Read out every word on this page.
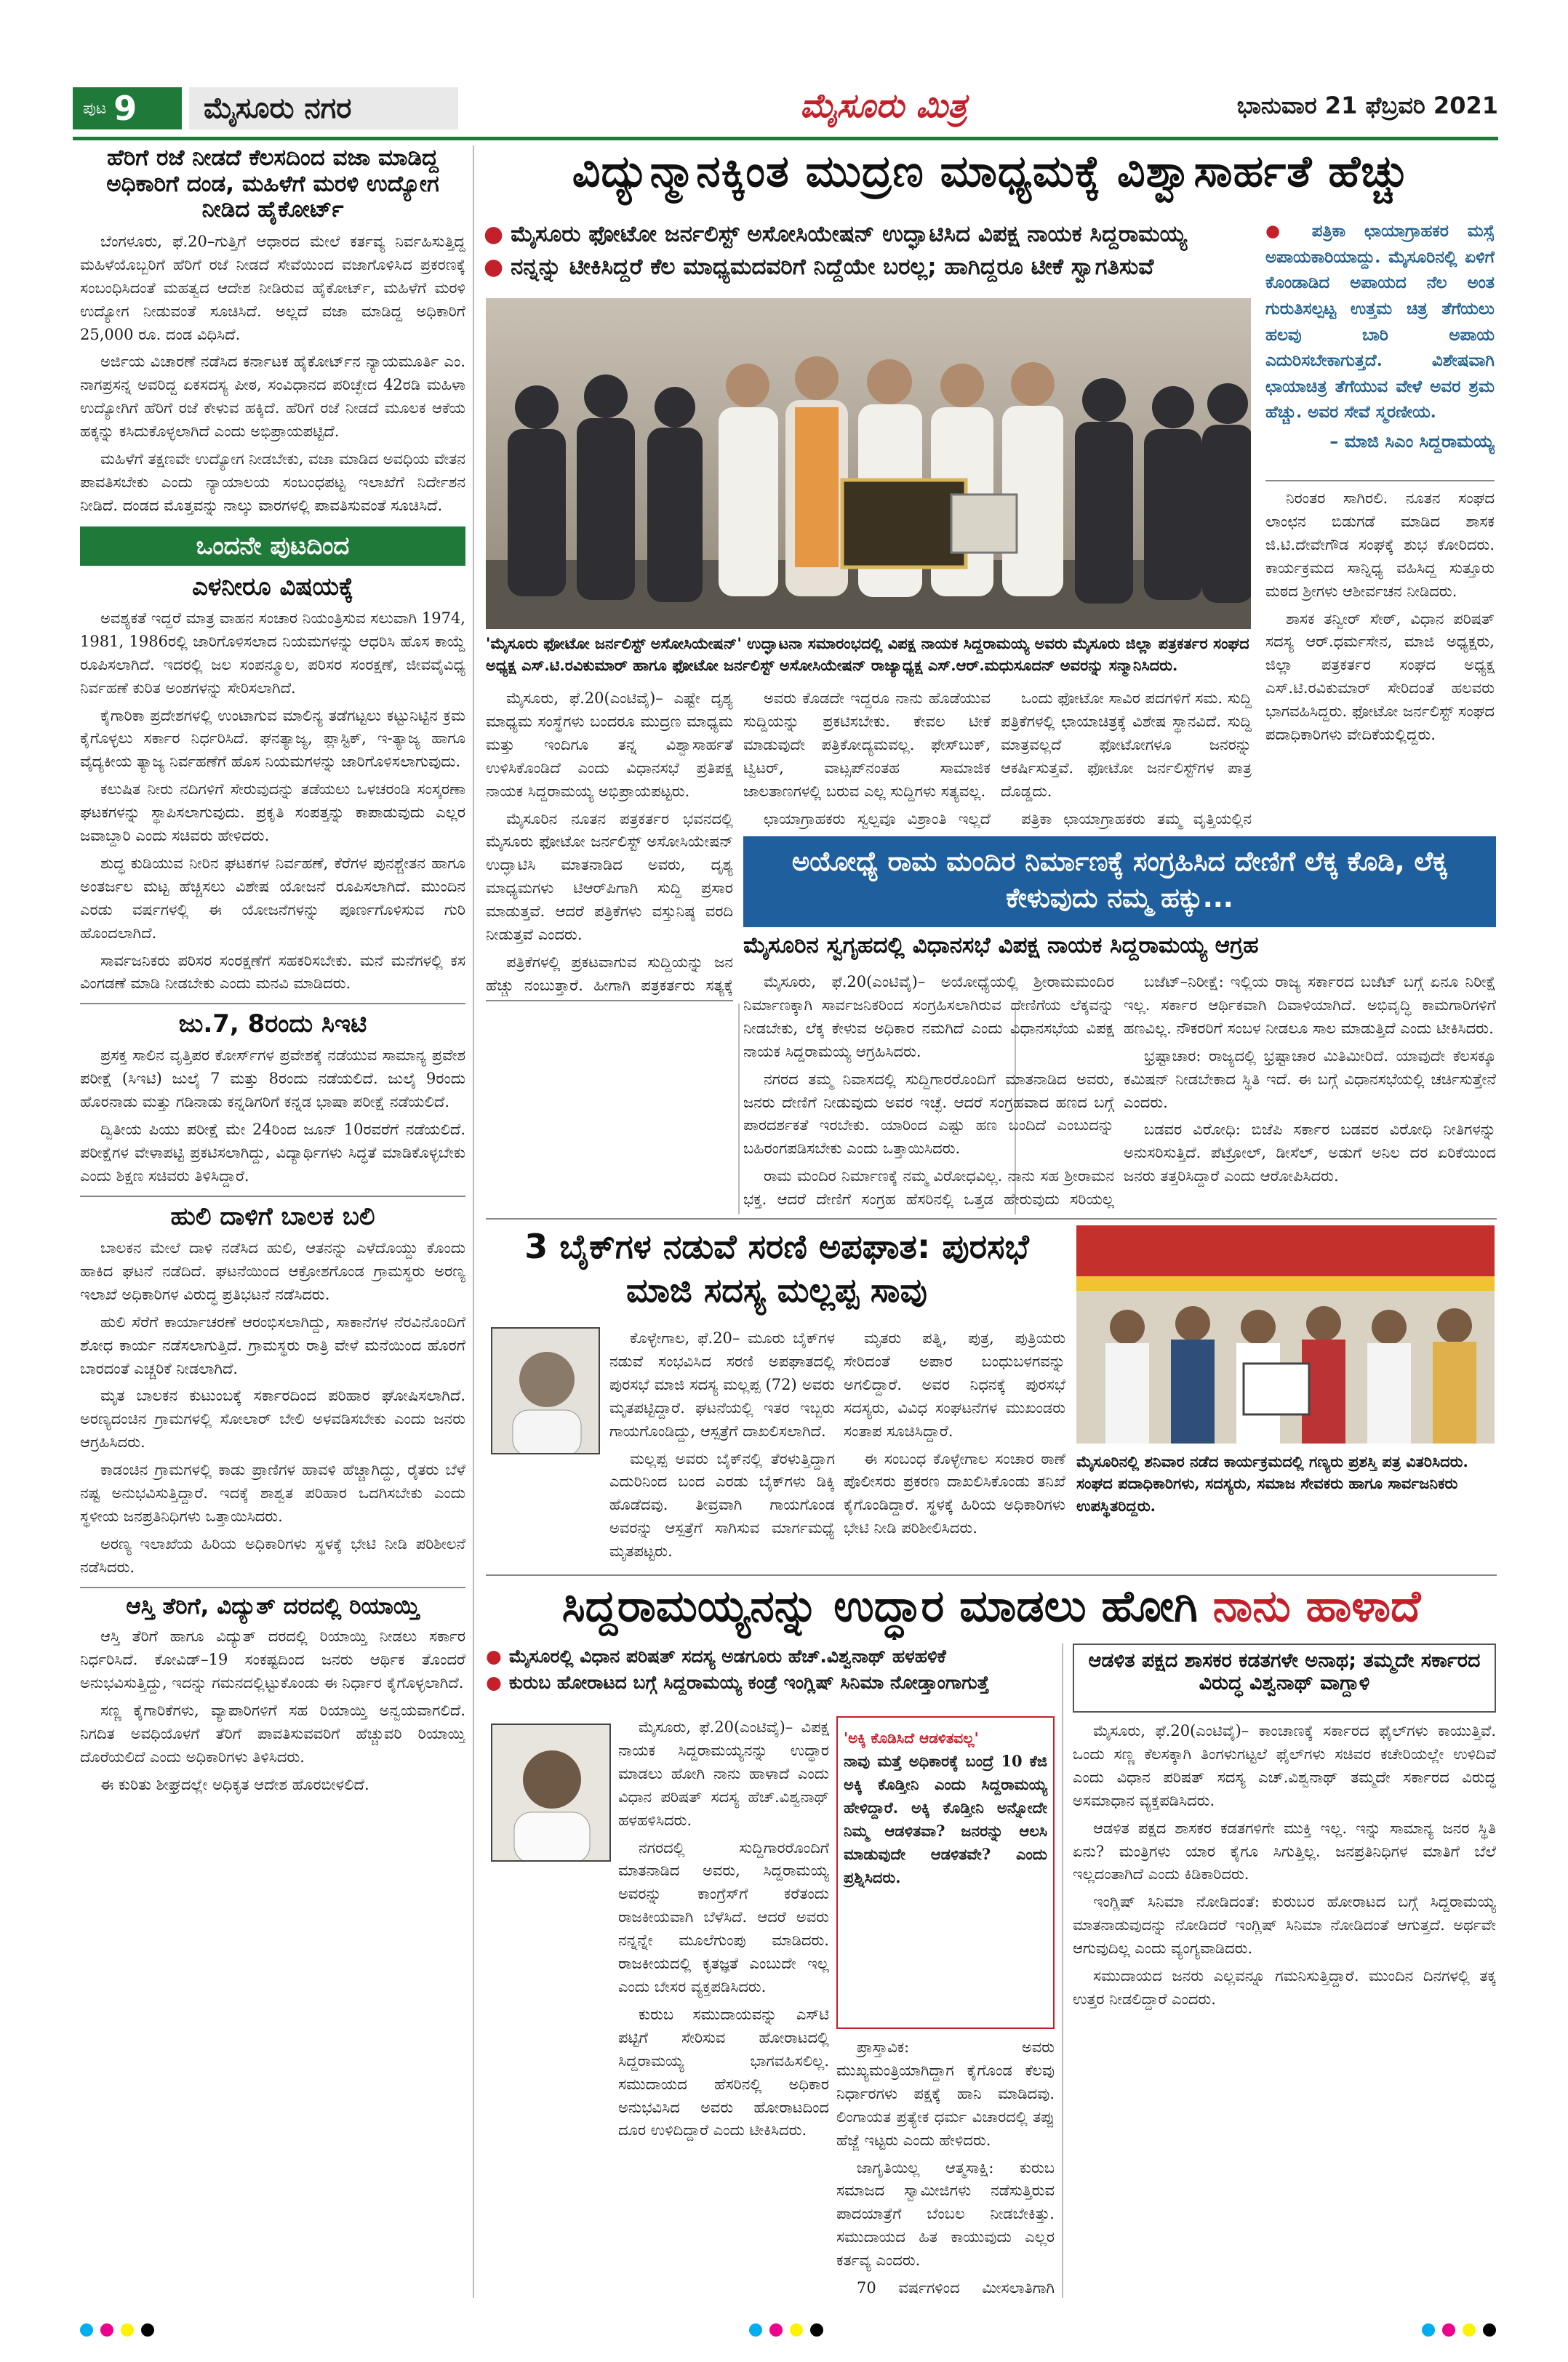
ಪುಟ 9	ಮೈಸೂರು ನಗರ	ಮೈಸೂರು ಮಿತ್ರ	ಭಾನುವಾರ 21 ಫೆಬ್ರವರಿ 2021
ಹೆರಿಗೆ ರಜೆ ನೀಡದೆ ಕೆಲಸದಿಂದ ವಜಾ ಮಾಡಿದ್ದ ಅಧಿಕಾರಿಗೆ ದಂಡ, ಮಹಿಳೆಗೆ ಮರಳಿ ಉದ್ಯೋಗ ನೀಡಿದ ಹೈಕೋರ್ಟ್

ಬೆಂಗಳೂರು, ಫೆ.20–ಗುತ್ತಿಗೆ ಆಧಾರದ ಮೇಲೆ ಕರ್ತವ್ಯ ನಿರ್ವಹಿಸುತ್ತಿದ್ದ ಮಹಿಳೆಯೊಬ್ಬರಿಗೆ ಹೆರಿಗೆ ರಜೆ ನೀಡದೆ ಸೇವೆಯಿಂದ ವಜಾಗೊಳಿಸಿದ ಪ್ರಕರಣಕ್ಕೆ ಸಂಬಂಧಿಸಿದಂತೆ ಮಹತ್ವದ ಆದೇಶ ನೀಡಿರುವ ಹೈಕೋರ್ಟ್, ಮಹಿಳೆಗೆ ಮರಳಿ ಉದ್ಯೋಗ ನೀಡುವಂತೆ ಸೂಚಿಸಿದೆ. ಅಲ್ಲದೆ ವಜಾ ಮಾಡಿದ್ದ ಅಧಿಕಾರಿಗೆ 25,000 ರೂ. ದಂಡ ವಿಧಿಸಿದೆ.

ಅರ್ಜಿಯ ವಿಚಾರಣೆ ನಡೆಸಿದ ಕರ್ನಾಟಕ ಹೈಕೋರ್ಟ್‌ನ ನ್ಯಾಯಮೂರ್ತಿ ಎಂ. ನಾಗಪ್ರಸನ್ನ ಅವರಿದ್ದ ಏಕಸದಸ್ಯ ಪೀಠ, ಸಂವಿಧಾನದ ಪರಿಚ್ಛೇದ 42ರಡಿ ಮಹಿಳಾ ಉದ್ಯೋಗಿಗೆ ಹೆರಿಗೆ ರಜೆ ಕೇಳುವ ಹಕ್ಕಿದೆ. ಹೆರಿಗೆ ರಜೆ ನೀಡದೆ ಮೂಲಕ ಆಕೆಯ ಹಕ್ಕನ್ನು ಕಸಿದುಕೊಳ್ಳಲಾಗಿದೆ ಎಂದು ಅಭಿಪ್ರಾಯಪಟ್ಟಿದೆ.

ಮಹಿಳೆಗೆ ತಕ್ಷಣವೇ ಉದ್ಯೋಗ ನೀಡಬೇಕು, ವಜಾ ಮಾಡಿದ ಅವಧಿಯ ವೇತನ ಪಾವತಿಸಬೇಕು ಎಂದು ನ್ಯಾಯಾಲಯ ಸಂಬಂಧಪಟ್ಟ ಇಲಾಖೆಗೆ ನಿರ್ದೇಶನ ನೀಡಿದೆ. ದಂಡದ ಮೊತ್ತವನ್ನು ನಾಲ್ಕು ವಾರಗಳಲ್ಲಿ ಪಾವತಿಸುವಂತೆ ಸೂಚಿಸಿದೆ.

ಒಂದನೇ ಪುಟದಿಂದ
ಎಳನೀರೂ ವಿಷಯಕ್ಕೆ

ಅವಶ್ಯಕತೆ ಇದ್ದರೆ ಮಾತ್ರ ವಾಹನ ಸಂಚಾರ ನಿಯಂತ್ರಿಸುವ ಸಲುವಾಗಿ 1974, 1981, 1986ರಲ್ಲಿ ಜಾರಿಗೊಳಿಸಲಾದ ನಿಯಮಗಳನ್ನು ಆಧರಿಸಿ ಹೊಸ ಕಾಯ್ದೆ ರೂಪಿಸಲಾಗಿದೆ. ಇದರಲ್ಲಿ ಜಲ ಸಂಪನ್ಮೂಲ, ಪರಿಸರ ಸಂರಕ್ಷಣೆ, ಜೀವವೈವಿಧ್ಯ ನಿರ್ವಹಣೆ ಕುರಿತ ಅಂಶಗಳನ್ನು ಸೇರಿಸಲಾಗಿದೆ.

ಕೈಗಾರಿಕಾ ಪ್ರದೇಶಗಳಲ್ಲಿ ಉಂಟಾಗುವ ಮಾಲಿನ್ಯ ತಡೆಗಟ್ಟಲು ಕಟ್ಟುನಿಟ್ಟಿನ ಕ್ರಮ ಕೈಗೊಳ್ಳಲು ಸರ್ಕಾರ ನಿರ್ಧರಿಸಿದೆ. ಘನತ್ಯಾಜ್ಯ, ಪ್ಲಾಸ್ಟಿಕ್, ಇ-ತ್ಯಾಜ್ಯ ಹಾಗೂ ವೈದ್ಯಕೀಯ ತ್ಯಾಜ್ಯ ನಿರ್ವಹಣೆಗೆ ಹೊಸ ನಿಯಮಗಳನ್ನು ಜಾರಿಗೊಳಿಸಲಾಗುವುದು.

ಕಲುಷಿತ ನೀರು ನದಿಗಳಿಗೆ ಸೇರುವುದನ್ನು ತಡೆಯಲು ಒಳಚರಂಡಿ ಸಂಸ್ಕರಣಾ ಘಟಕಗಳನ್ನು ಸ್ಥಾಪಿಸಲಾಗುವುದು. ಪ್ರಕೃತಿ ಸಂಪತ್ತನ್ನು ಕಾಪಾಡುವುದು ಎಲ್ಲರ ಜವಾಬ್ದಾರಿ ಎಂದು ಸಚಿವರು ಹೇಳಿದರು.

ಶುದ್ಧ ಕುಡಿಯುವ ನೀರಿನ ಘಟಕಗಳ ನಿರ್ವಹಣೆ, ಕೆರೆಗಳ ಪುನಶ್ಚೇತನ ಹಾಗೂ ಅಂತರ್ಜಲ ಮಟ್ಟ ಹೆಚ್ಚಿಸಲು ವಿಶೇಷ ಯೋಜನೆ ರೂಪಿಸಲಾಗಿದೆ. ಮುಂದಿನ ಎರಡು ವರ್ಷಗಳಲ್ಲಿ ಈ ಯೋಜನೆಗಳನ್ನು ಪೂರ್ಣಗೊಳಿಸುವ ಗುರಿ ಹೊಂದಲಾಗಿದೆ.

ಸಾರ್ವಜನಿಕರು ಪರಿಸರ ಸಂರಕ್ಷಣೆಗೆ ಸಹಕರಿಸಬೇಕು. ಮನೆ ಮನೆಗಳಲ್ಲಿ ಕಸ ವಿಂಗಡಣೆ ಮಾಡಿ ನೀಡಬೇಕು ಎಂದು ಮನವಿ ಮಾಡಿದರು.

ಜು.7, 8ರಂದು ಸಿಇಟಿ

ಪ್ರಸಕ್ತ ಸಾಲಿನ ವೃತ್ತಿಪರ ಕೋರ್ಸ್‌ಗಳ ಪ್ರವೇಶಕ್ಕೆ ನಡೆಯುವ ಸಾಮಾನ್ಯ ಪ್ರವೇಶ ಪರೀಕ್ಷೆ (ಸಿಇಟಿ) ಜುಲೈ 7 ಮತ್ತು 8ರಂದು ನಡೆಯಲಿದೆ. ಜುಲೈ 9ರಂದು ಹೊರನಾಡು ಮತ್ತು ಗಡಿನಾಡು ಕನ್ನಡಿಗರಿಗೆ ಕನ್ನಡ ಭಾಷಾ ಪರೀಕ್ಷೆ ನಡೆಯಲಿದೆ.

ದ್ವಿತೀಯ ಪಿಯು ಪರೀಕ್ಷೆ ಮೇ 24ರಿಂದ ಜೂನ್ 10ರವರೆಗೆ ನಡೆಯಲಿದೆ. ಪರೀಕ್ಷೆಗಳ ವೇಳಾಪಟ್ಟಿ ಪ್ರಕಟಿಸಲಾಗಿದ್ದು, ವಿದ್ಯಾರ್ಥಿಗಳು ಸಿದ್ಧತೆ ಮಾಡಿಕೊಳ್ಳಬೇಕು ಎಂದು ಶಿಕ್ಷಣ ಸಚಿವರು ತಿಳಿಸಿದ್ದಾರೆ.

ಹುಲಿ ದಾಳಿಗೆ ಬಾಲಕ ಬಲಿ

ಬಾಲಕನ ಮೇಲೆ ದಾಳಿ ನಡೆಸಿದ ಹುಲಿ, ಆತನನ್ನು ಎಳೆದೊಯ್ದು ಕೊಂದು ಹಾಕಿದ ಘಟನೆ ನಡೆದಿದೆ. ಘಟನೆಯಿಂದ ಆಕ್ರೋಶಗೊಂಡ ಗ್ರಾಮಸ್ಥರು ಅರಣ್ಯ ಇಲಾಖೆ ಅಧಿಕಾರಿಗಳ ವಿರುದ್ಧ ಪ್ರತಿಭಟನೆ ನಡೆಸಿದರು.

ಹುಲಿ ಸೆರೆಗೆ ಕಾರ್ಯಾಚರಣೆ ಆರಂಭಿಸಲಾಗಿದ್ದು, ಸಾಕಾನೆಗಳ ನೆರವಿನೊಂದಿಗೆ ಶೋಧ ಕಾರ್ಯ ನಡೆಸಲಾಗುತ್ತಿದೆ. ಗ್ರಾಮಸ್ಥರು ರಾತ್ರಿ ವೇಳೆ ಮನೆಯಿಂದ ಹೊರಗೆ ಬಾರದಂತೆ ಎಚ್ಚರಿಕೆ ನೀಡಲಾಗಿದೆ.

ಮೃತ ಬಾಲಕನ ಕುಟುಂಬಕ್ಕೆ ಸರ್ಕಾರದಿಂದ ಪರಿಹಾರ ಘೋಷಿಸಲಾಗಿದೆ. ಅರಣ್ಯದಂಚಿನ ಗ್ರಾಮಗಳಲ್ಲಿ ಸೋಲಾರ್ ಬೇಲಿ ಅಳವಡಿಸಬೇಕು ಎಂದು ಜನರು ಆಗ್ರಹಿಸಿದರು.

ಕಾಡಂಚಿನ ಗ್ರಾಮಗಳಲ್ಲಿ ಕಾಡು ಪ್ರಾಣಿಗಳ ಹಾವಳಿ ಹೆಚ್ಚಾಗಿದ್ದು, ರೈತರು ಬೆಳೆ ನಷ್ಟ ಅನುಭವಿಸುತ್ತಿದ್ದಾರೆ. ಇದಕ್ಕೆ ಶಾಶ್ವತ ಪರಿಹಾರ ಒದಗಿಸಬೇಕು ಎಂದು ಸ್ಥಳೀಯ ಜನಪ್ರತಿನಿಧಿಗಳು ಒತ್ತಾಯಿಸಿದರು.

ಅರಣ್ಯ ಇಲಾಖೆಯ ಹಿರಿಯ ಅಧಿಕಾರಿಗಳು ಸ್ಥಳಕ್ಕೆ ಭೇಟಿ ನೀಡಿ ಪರಿಶೀಲನೆ ನಡೆಸಿದರು.

ಆಸ್ತಿ ತೆರಿಗೆ, ವಿದ್ಯುತ್ ದರದಲ್ಲಿ ರಿಯಾಯ್ತಿ

ಆಸ್ತಿ ತೆರಿಗೆ ಹಾಗೂ ವಿದ್ಯುತ್ ದರದಲ್ಲಿ ರಿಯಾಯ್ತಿ ನೀಡಲು ಸರ್ಕಾರ ನಿರ್ಧರಿಸಿದೆ. ಕೋವಿಡ್–19 ಸಂಕಷ್ಟದಿಂದ ಜನರು ಆರ್ಥಿಕ ತೊಂದರೆ ಅನುಭವಿಸುತ್ತಿದ್ದು, ಇದನ್ನು ಗಮನದಲ್ಲಿಟ್ಟುಕೊಂಡು ಈ ನಿರ್ಧಾರ ಕೈಗೊಳ್ಳಲಾಗಿದೆ.

ಸಣ್ಣ ಕೈಗಾರಿಕೆಗಳು, ವ್ಯಾಪಾರಿಗಳಿಗೆ ಸಹ ರಿಯಾಯ್ತಿ ಅನ್ವಯವಾಗಲಿದೆ. ನಿಗದಿತ ಅವಧಿಯೊಳಗೆ ತೆರಿಗೆ ಪಾವತಿಸುವವರಿಗೆ ಹೆಚ್ಚುವರಿ ರಿಯಾಯ್ತಿ ದೊರೆಯಲಿದೆ ಎಂದು ಅಧಿಕಾರಿಗಳು ತಿಳಿಸಿದರು.

ಈ ಕುರಿತು ಶೀಘ್ರದಲ್ಲೇ ಅಧಿಕೃತ ಆದೇಶ ಹೊರಬೀಳಲಿದೆ.

ವಿದ್ಯುನ್ಮಾನಕ್ಕಿಂತ ಮುದ್ರಣ ಮಾಧ್ಯಮಕ್ಕೆ ವಿಶ್ವಾಸಾರ್ಹತೆ ಹೆಚ್ಚು
● ಮೈಸೂರು ಫೋಟೋ ಜರ್ನಲಿಸ್ಟ್ ಅಸೋಸಿಯೇಷನ್ ಉದ್ಘಾಟಿಸಿದ ವಿಪಕ್ಷ ನಾಯಕ ಸಿದ್ದರಾಮಯ್ಯ
● ನನ್ನನ್ನು ಟೀಕಿಸಿದ್ದರೆ ಕೆಲ ಮಾಧ್ಯಮದವರಿಗೆ ನಿದ್ದೆಯೇ ಬರಲ್ಲ; ಹಾಗಿದ್ದರೂ ಟೀಕೆ ಸ್ವಾಗತಿಸುವೆ
'ಮೈಸೂರು ಫೋಟೋ ಜರ್ನಲಿಸ್ಟ್ ಅಸೋಸಿಯೇಷನ್' ಉದ್ಘಾಟನಾ ಸಮಾರಂಭದಲ್ಲಿ ವಿಪಕ್ಷ ನಾಯಕ ಸಿದ್ದರಾಮಯ್ಯ ಅವರು ಮೈಸೂರು ಜಿಲ್ಲಾ ಪತ್ರಕರ್ತರ ಸಂಘದ ಅಧ್ಯಕ್ಷ ಎಸ್.ಟಿ.ರವಿಕುಮಾರ್ ಹಾಗೂ ಫೋಟೋ ಜರ್ನಲಿಸ್ಟ್ ಅಸೋಸಿಯೇಷನ್ ರಾಜ್ಯಾಧ್ಯಕ್ಷ ಎಸ್.ಆರ್.ಮಧುಸೂದನ್ ಅವರನ್ನು ಸನ್ಮಾನಿಸಿದರು.
● ಪತ್ರಿಕಾ ಛಾಯಾಗ್ರಾಹಕರ ಮಸ್ಸೆ ಅಪಾಯಕಾರಿಯಾದ್ದು. ಮೈಸೂರಿನಲ್ಲಿ ಏಳಿಗೆ ಕೊಂಡಾಡಿದ ಅಪಾಯದ ನೆಲ ಅಂತ ಗುರುತಿಸಲ್ಪಟ್ಟ ಉತ್ತಮ ಚಿತ್ರ ತೆಗೆಯಲು ಹಲವು ಬಾರಿ ಅಪಾಯ ಎದುರಿಸಬೇಕಾಗುತ್ತದೆ. ವಿಶೇಷವಾಗಿ ಛಾಯಾಚಿತ್ರ ತೆಗೆಯುವ ವೇಳೆ ಅವರ ಶ್ರಮ ಹೆಚ್ಚು. ಅವರ ಸೇವೆ ಸ್ಮರಣೀಯ.
– ಮಾಜಿ ಸಿಎಂ ಸಿದ್ದರಾಮಯ್ಯ

ನಿರಂತರ ಸಾಗಿರಲಿ. ನೂತನ ಸಂಘದ ಲಾಂಛನ ಬಿಡುಗಡೆ ಮಾಡಿದ ಶಾಸಕ ಜಿ.ಟಿ.ದೇವೇಗೌಡ ಸಂಘಕ್ಕೆ ಶುಭ ಕೋರಿದರು. ಕಾರ್ಯಕ್ರಮದ ಸಾನ್ನಿಧ್ಯ ವಹಿಸಿದ್ದ ಸುತ್ತೂರು ಮಠದ ಶ್ರೀಗಳು ಆಶೀರ್ವಚನ ನೀಡಿದರು.

ಶಾಸಕ ತನ್ವೀರ್ ಸೇಠ್, ವಿಧಾನ ಪರಿಷತ್ ಸದಸ್ಯ ಆರ್.ಧರ್ಮಸೇನ, ಮಾಜಿ ಅಧ್ಯಕ್ಷರು, ಜಿಲ್ಲಾ ಪತ್ರಕರ್ತರ ಸಂಘದ ಅಧ್ಯಕ್ಷ ಎಸ್.ಟಿ.ರವಿಕುಮಾರ್ ಸೇರಿದಂತೆ ಹಲವರು ಭಾಗವಹಿಸಿದ್ದರು. ಫೋಟೋ ಜರ್ನಲಿಸ್ಟ್ ಸಂಘದ ಪದಾಧಿಕಾರಿಗಳು ವೇದಿಕೆಯಲ್ಲಿದ್ದರು.

ಮೈಸೂರು, ಫೆ.20(ಎಂಟಿವೈ)– ಎಷ್ಟೇ ದೃಶ್ಯ ಮಾಧ್ಯಮ ಸಂಸ್ಥೆಗಳು ಬಂದರೂ ಮುದ್ರಣ ಮಾಧ್ಯಮ ಮತ್ತು ಇಂದಿಗೂ ತನ್ನ ವಿಶ್ವಾಸಾರ್ಹತೆ ಉಳಿಸಿಕೊಂಡಿದೆ ಎಂದು ವಿಧಾನಸಭೆ ಪ್ರತಿಪಕ್ಷ ನಾಯಕ ಸಿದ್ದರಾಮಯ್ಯ ಅಭಿಪ್ರಾಯಪಟ್ಟರು.

ಮೈಸೂರಿನ ನೂತನ ಪತ್ರಕರ್ತರ ಭವನದಲ್ಲಿ ಮೈಸೂರು ಫೋಟೋ ಜರ್ನಲಿಸ್ಟ್ ಅಸೋಸಿಯೇಷನ್ ಉದ್ಘಾಟಿಸಿ ಮಾತನಾಡಿದ ಅವರು, ದೃಶ್ಯ ಮಾಧ್ಯಮಗಳು ಟಿಆರ್‌ಪಿಗಾಗಿ ಸುದ್ದಿ ಪ್ರಸಾರ ಮಾಡುತ್ತವೆ. ಆದರೆ ಪತ್ರಿಕೆಗಳು ವಸ್ತುನಿಷ್ಠ ವರದಿ ನೀಡುತ್ತವೆ ಎಂದರು.

ಪತ್ರಿಕೆಗಳಲ್ಲಿ ಪ್ರಕಟವಾಗುವ ಸುದ್ದಿಯನ್ನು ಜನ ಹೆಚ್ಚು ನಂಬುತ್ತಾರೆ. ಹೀಗಾಗಿ ಪತ್ರಕರ್ತರು ಸತ್ಯಕ್ಕೆ

ಅವರು ಕೊಡದೇ ಇದ್ದರೂ ನಾನು ಹೊಡೆಯುವ ಸುದ್ದಿಯನ್ನು ಪ್ರಕಟಿಸಬೇಕು. ಕೇವಲ ಟೀಕೆ ಮಾಡುವುದೇ ಪತ್ರಿಕೋದ್ಯಮವಲ್ಲ. ಫೇಸ್‌ಬುಕ್, ಟ್ವಿಟರ್, ವಾಟ್ಸಪ್‌ನಂತಹ ಸಾಮಾಜಿಕ ಜಾಲತಾಣಗಳಲ್ಲಿ ಬರುವ ಎಲ್ಲ ಸುದ್ದಿಗಳು ಸತ್ಯವಲ್ಲ.

ಛಾಯಾಗ್ರಾಹಕರು ಸ್ವಲ್ಪವೂ ವಿಶ್ರಾಂತಿ ಇಲ್ಲದೆ

ಒಂದು ಫೋಟೋ ಸಾವಿರ ಪದಗಳಿಗೆ ಸಮ. ಸುದ್ದಿ ಪತ್ರಿಕೆಗಳಲ್ಲಿ ಛಾಯಾಚಿತ್ರಕ್ಕೆ ವಿಶೇಷ ಸ್ಥಾನವಿದೆ. ಸುದ್ದಿ ಮಾತ್ರವಲ್ಲದೆ ಫೋಟೋಗಳೂ ಜನರನ್ನು ಆಕರ್ಷಿಸುತ್ತವೆ. ಫೋಟೋ ಜರ್ನಲಿಸ್ಟ್‌ಗಳ ಪಾತ್ರ ದೊಡ್ಡದು.

ಪತ್ರಿಕಾ ಛಾಯಾಗ್ರಾಹಕರು ತಮ್ಮ ವೃತ್ತಿಯಲ್ಲಿನ

ಅಯೋಧ್ಯೆ ರಾಮ ಮಂದಿರ ನಿರ್ಮಾಣಕ್ಕೆ ಸಂಗ್ರಹಿಸಿದ ದೇಣಿಗೆ ಲೆಕ್ಕ ಕೊಡಿ, ಲೆಕ್ಕ ಕೇಳುವುದು ನಮ್ಮ ಹಕ್ಕು...
ಮೈಸೂರಿನ ಸ್ವಗೃಹದಲ್ಲಿ ವಿಧಾನಸಭೆ ವಿಪಕ್ಷ ನಾಯಕ ಸಿದ್ದರಾಮಯ್ಯ ಆಗ್ರಹ

ಮೈಸೂರು, ಫೆ.20(ಎಂಟಿವೈ)– ಅಯೋಧ್ಯೆಯಲ್ಲಿ ಶ್ರೀರಾಮಮಂದಿರ ನಿರ್ಮಾಣಕ್ಕಾಗಿ ಸಾರ್ವಜನಿಕರಿಂದ ಸಂಗ್ರಹಿಸಲಾಗಿರುವ ದೇಣಿಗೆಯ ಲೆಕ್ಕವನ್ನು ನೀಡಬೇಕು, ಲೆಕ್ಕ ಕೇಳುವ ಅಧಿಕಾರ ನಮಗಿದೆ ಎಂದು ವಿಧಾನಸಭೆಯ ವಿಪಕ್ಷ ನಾಯಕ ಸಿದ್ದರಾಮಯ್ಯ ಆಗ್ರಹಿಸಿದರು.

ನಗರದ ತಮ್ಮ ನಿವಾಸದಲ್ಲಿ ಸುದ್ದಿಗಾರರೊಂದಿಗೆ ಮಾತನಾಡಿದ ಅವರು, ಜನರು ದೇಣಿಗೆ ನೀಡುವುದು ಅವರ ಇಚ್ಛೆ. ಆದರೆ ಸಂಗ್ರಹವಾದ ಹಣದ ಬಗ್ಗೆ ಪಾರದರ್ಶಕತೆ ಇರಬೇಕು. ಯಾರಿಂದ ಎಷ್ಟು ಹಣ ಬಂದಿದೆ ಎಂಬುದನ್ನು ಬಹಿರಂಗಪಡಿಸಬೇಕು ಎಂದು ಒತ್ತಾಯಿಸಿದರು.

ರಾಮ ಮಂದಿರ ನಿರ್ಮಾಣಕ್ಕೆ ನಮ್ಮ ವಿರೋಧವಿಲ್ಲ. ನಾನು ಸಹ ಶ್ರೀರಾಮನ ಭಕ್ತ. ಆದರೆ ದೇಣಿಗೆ ಸಂಗ್ರಹ ಹೆಸರಿನಲ್ಲಿ ಒತ್ತಡ ಹೇರುವುದು ಸರಿಯಲ್ಲ

ಬಜೆಟ್–ನಿರೀಕ್ಷೆ: ಇಲ್ಲಿಯ ರಾಜ್ಯ ಸರ್ಕಾರದ ಬಜೆಟ್ ಬಗ್ಗೆ ಏನೂ ನಿರೀಕ್ಷೆ ಇಲ್ಲ. ಸರ್ಕಾರ ಆರ್ಥಿಕವಾಗಿ ದಿವಾಳಿಯಾಗಿದೆ. ಅಭಿವೃದ್ಧಿ ಕಾಮಗಾರಿಗಳಿಗೆ ಹಣವಿಲ್ಲ. ನೌಕರರಿಗೆ ಸಂಬಳ ನೀಡಲೂ ಸಾಲ ಮಾಡುತ್ತಿದೆ ಎಂದು ಟೀಕಿಸಿದರು.

ಭ್ರಷ್ಟಾಚಾರ: ರಾಜ್ಯದಲ್ಲಿ ಭ್ರಷ್ಟಾಚಾರ ಮಿತಿಮೀರಿದೆ. ಯಾವುದೇ ಕೆಲಸಕ್ಕೂ ಕಮಿಷನ್ ನೀಡಬೇಕಾದ ಸ್ಥಿತಿ ಇದೆ. ಈ ಬಗ್ಗೆ ವಿಧಾನಸಭೆಯಲ್ಲಿ ಚರ್ಚಿಸುತ್ತೇನೆ ಎಂದರು.

ಬಡವರ ವಿರೋಧಿ: ಬಿಜೆಪಿ ಸರ್ಕಾರ ಬಡವರ ವಿರೋಧಿ ನೀತಿಗಳನ್ನು ಅನುಸರಿಸುತ್ತಿದೆ. ಪೆಟ್ರೋಲ್, ಡೀಸೆಲ್, ಅಡುಗೆ ಅನಿಲ ದರ ಏರಿಕೆಯಿಂದ ಜನರು ತತ್ತರಿಸಿದ್ದಾರೆ ಎಂದು ಆರೋಪಿಸಿದರು.

3 ಬೈಕ್‌ಗಳ ನಡುವೆ ಸರಣಿ ಅಪಘಾತ: ಪುರಸಭೆ ಮಾಜಿ ಸದಸ್ಯ ಮಲ್ಲಪ್ಪ ಸಾವು

ಕೊಳ್ಳೇಗಾಲ, ಫೆ.20– ಮೂರು ಬೈಕ್‌ಗಳ ನಡುವೆ ಸಂಭವಿಸಿದ ಸರಣಿ ಅಪಘಾತದಲ್ಲಿ ಪುರಸಭೆ ಮಾಜಿ ಸದಸ್ಯ ಮಲ್ಲಪ್ಪ (72) ಅವರು ಮೃತಪಟ್ಟಿದ್ದಾರೆ. ಘಟನೆಯಲ್ಲಿ ಇತರ ಇಬ್ಬರು ಗಾಯಗೊಂಡಿದ್ದು, ಆಸ್ಪತ್ರೆಗೆ ದಾಖಲಿಸಲಾಗಿದೆ.

ಮಲ್ಲಪ್ಪ ಅವರು ಬೈಕ್‌ನಲ್ಲಿ ತೆರಳುತ್ತಿದ್ದಾಗ ಎದುರಿನಿಂದ ಬಂದ ಎರಡು ಬೈಕ್‌ಗಳು ಡಿಕ್ಕಿ ಹೊಡೆದವು. ತೀವ್ರವಾಗಿ ಗಾಯಗೊಂಡ ಅವರನ್ನು ಆಸ್ಪತ್ರೆಗೆ ಸಾಗಿಸುವ ಮಾರ್ಗಮಧ್ಯೆ ಮೃತಪಟ್ಟರು.

ಮೃತರು ಪತ್ನಿ, ಪುತ್ರ, ಪುತ್ರಿಯರು ಸೇರಿದಂತೆ ಅಪಾರ ಬಂಧುಬಳಗವನ್ನು ಅಗಲಿದ್ದಾರೆ. ಅವರ ನಿಧನಕ್ಕೆ ಪುರಸಭೆ ಸದಸ್ಯರು, ವಿವಿಧ ಸಂಘಟನೆಗಳ ಮುಖಂಡರು ಸಂತಾಪ ಸೂಚಿಸಿದ್ದಾರೆ.

ಈ ಸಂಬಂಧ ಕೊಳ್ಳೇಗಾಲ ಸಂಚಾರ ಠಾಣೆ ಪೊಲೀಸರು ಪ್ರಕರಣ ದಾಖಲಿಸಿಕೊಂಡು ತನಿಖೆ ಕೈಗೊಂಡಿದ್ದಾರೆ. ಸ್ಥಳಕ್ಕೆ ಹಿರಿಯ ಅಧಿಕಾರಿಗಳು ಭೇಟಿ ನೀಡಿ ಪರಿಶೀಲಿಸಿದರು.

ಮೈಸೂರಿನಲ್ಲಿ ಶನಿವಾರ ನಡೆದ ಕಾರ್ಯಕ್ರಮದಲ್ಲಿ ಗಣ್ಯರು ಪ್ರಶಸ್ತಿ ಪತ್ರ ವಿತರಿಸಿದರು. ಸಂಘದ ಪದಾಧಿಕಾರಿಗಳು, ಸದಸ್ಯರು, ಸಮಾಜ ಸೇವಕರು ಹಾಗೂ ಸಾರ್ವಜನಿಕರು ಉಪಸ್ಥಿತರಿದ್ದರು.
ಸಿದ್ದರಾಮಯ್ಯನನ್ನು ಉದ್ಧಾರ ಮಾಡಲು ಹೋಗಿ ನಾನು ಹಾಳಾದೆ
● ಮೈಸೂರಲ್ಲಿ ವಿಧಾನ ಪರಿಷತ್ ಸದಸ್ಯ ಅಡಗೂರು ಹೆಚ್.ವಿಶ್ವನಾಥ್ ಹಳಹಳಿಕೆ
● ಕುರುಬ ಹೋರಾಟದ ಬಗ್ಗೆ ಸಿದ್ದರಾಮಯ್ಯ ಕಂಡ್ರೆ ಇಂಗ್ಲಿಷ್ ಸಿನಿಮಾ ನೋಡ್ತಾಂಗಾಗುತ್ತೆ

ಮೈಸೂರು, ಫೆ.20(ಎಂಟಿವೈ)– ವಿಪಕ್ಷ ನಾಯಕ ಸಿದ್ದರಾಮಯ್ಯನನ್ನು ಉದ್ಧಾರ ಮಾಡಲು ಹೋಗಿ ನಾನು ಹಾಳಾದೆ ಎಂದು ವಿಧಾನ ಪರಿಷತ್ ಸದಸ್ಯ ಹೆಚ್.ವಿಶ್ವನಾಥ್ ಹಳಹಳಿಸಿದರು.

ನಗರದಲ್ಲಿ ಸುದ್ದಿಗಾರರೊಂದಿಗೆ ಮಾತನಾಡಿದ ಅವರು, ಸಿದ್ದರಾಮಯ್ಯ ಅವರನ್ನು ಕಾಂಗ್ರೆಸ್‌ಗೆ ಕರೆತಂದು ರಾಜಕೀಯವಾಗಿ ಬೆಳೆಸಿದೆ. ಆದರೆ ಅವರು ನನ್ನನ್ನೇ ಮೂಲೆಗುಂಪು ಮಾಡಿದರು. ರಾಜಕೀಯದಲ್ಲಿ ಕೃತಜ್ಞತೆ ಎಂಬುದೇ ಇಲ್ಲ ಎಂದು ಬೇಸರ ವ್ಯಕ್ತಪಡಿಸಿದರು.

ಕುರುಬ ಸಮುದಾಯವನ್ನು ಎಸ್‌ಟಿ ಪಟ್ಟಿಗೆ ಸೇರಿಸುವ ಹೋರಾಟದಲ್ಲಿ ಸಿದ್ದರಾಮಯ್ಯ ಭಾಗವಹಿಸಲಿಲ್ಲ. ಸಮುದಾಯದ ಹೆಸರಿನಲ್ಲಿ ಅಧಿಕಾರ ಅನುಭವಿಸಿದ ಅವರು ಹೋರಾಟದಿಂದ ದೂರ ಉಳಿದಿದ್ದಾರೆ ಎಂದು ಟೀಕಿಸಿದರು.

'ಅಕ್ಕಿ ಕೊಡಿಸಿದೆ ಆಡಳಿತವಲ್ಲ'
ನಾವು ಮತ್ತೆ ಅಧಿಕಾರಕ್ಕೆ ಬಂದ್ರೆ 10 ಕೆಜಿ ಅಕ್ಕಿ ಕೊಡ್ತೀನಿ ಎಂದು ಸಿದ್ದರಾಮಯ್ಯ ಹೇಳಿದ್ದಾರೆ. ಅಕ್ಕಿ ಕೊಡ್ತೀನಿ ಅನ್ನೋದೇ ನಿಮ್ಮ ಆಡಳಿತವಾ? ಜನರನ್ನು ಆಲಸಿ ಮಾಡುವುದೇ ಆಡಳಿತವೇ? ಎಂದು ಪ್ರಶ್ನಿಸಿದರು.

ಪ್ರಾಸ್ತಾವಿಕ: ಅವರು ಮುಖ್ಯಮಂತ್ರಿಯಾಗಿದ್ದಾಗ ಕೈಗೊಂಡ ಕೆಲವು ನಿರ್ಧಾರಗಳು ಪಕ್ಷಕ್ಕೆ ಹಾನಿ ಮಾಡಿದವು. ಲಿಂಗಾಯತ ಪ್ರತ್ಯೇಕ ಧರ್ಮ ವಿಚಾರದಲ್ಲಿ ತಪ್ಪು ಹೆಜ್ಜೆ ಇಟ್ಟರು ಎಂದು ಹೇಳಿದರು.

ಜಾಗೃತಿಯಿಲ್ಲ ಆತ್ಮಸಾಕ್ಷಿ: ಕುರುಬ ಸಮಾಜದ ಸ್ವಾಮೀಜಿಗಳು ನಡೆಸುತ್ತಿರುವ ಪಾದಯಾತ್ರೆಗೆ ಬೆಂಬಲ ನೀಡಬೇಕಿತ್ತು. ಸಮುದಾಯದ ಹಿತ ಕಾಯುವುದು ಎಲ್ಲರ ಕರ್ತವ್ಯ ಎಂದರು.

70 ವರ್ಷಗಳಿಂದ ಮೀಸಲಾತಿಗಾಗಿ

ಆಡಳಿತ ಪಕ್ಷದ ಶಾಸಕರ ಕಡತಗಳೇ ಅನಾಥ; ತಮ್ಮದೇ ಸರ್ಕಾರದ ವಿರುದ್ಧ ವಿಶ್ವನಾಥ್ ವಾಗ್ದಾಳಿ

ಮೈಸೂರು, ಫೆ.20(ಎಂಟಿವೈ)– ಕಾಂಚಾಣಕ್ಕೆ ಸರ್ಕಾರದ ಫೈಲ್‌ಗಳು ಕಾಯುತ್ತಿವೆ. ಒಂದು ಸಣ್ಣ ಕೆಲಸಕ್ಕಾಗಿ ತಿಂಗಳುಗಟ್ಟಲೆ ಫೈಲ್‌ಗಳು ಸಚಿವರ ಕಚೇರಿಯಲ್ಲೇ ಉಳಿದಿವೆ ಎಂದು ವಿಧಾನ ಪರಿಷತ್ ಸದಸ್ಯ ಎಚ್.ವಿಶ್ವನಾಥ್ ತಮ್ಮದೇ ಸರ್ಕಾರದ ವಿರುದ್ಧ ಅಸಮಾಧಾನ ವ್ಯಕ್ತಪಡಿಸಿದರು.

ಆಡಳಿತ ಪಕ್ಷದ ಶಾಸಕರ ಕಡತಗಳಿಗೇ ಮುಕ್ತಿ ಇಲ್ಲ. ಇನ್ನು ಸಾಮಾನ್ಯ ಜನರ ಸ್ಥಿತಿ ಏನು? ಮಂತ್ರಿಗಳು ಯಾರ ಕೈಗೂ ಸಿಗುತ್ತಿಲ್ಲ. ಜನಪ್ರತಿನಿಧಿಗಳ ಮಾತಿಗೆ ಬೆಲೆ ಇಲ್ಲದಂತಾಗಿದೆ ಎಂದು ಕಿಡಿಕಾರಿದರು.

ಇಂಗ್ಲಿಷ್ ಸಿನಿಮಾ ನೋಡಿದಂತೆ: ಕುರುಬರ ಹೋರಾಟದ ಬಗ್ಗೆ ಸಿದ್ದರಾಮಯ್ಯ ಮಾತನಾಡುವುದನ್ನು ನೋಡಿದರೆ ಇಂಗ್ಲಿಷ್ ಸಿನಿಮಾ ನೋಡಿದಂತೆ ಆಗುತ್ತದೆ. ಅರ್ಥವೇ ಆಗುವುದಿಲ್ಲ ಎಂದು ವ್ಯಂಗ್ಯವಾಡಿದರು.

ಸಮುದಾಯದ ಜನರು ಎಲ್ಲವನ್ನೂ ಗಮನಿಸುತ್ತಿದ್ದಾರೆ. ಮುಂದಿನ ದಿನಗಳಲ್ಲಿ ತಕ್ಕ ಉತ್ತರ ನೀಡಲಿದ್ದಾರೆ ಎಂದರು.
